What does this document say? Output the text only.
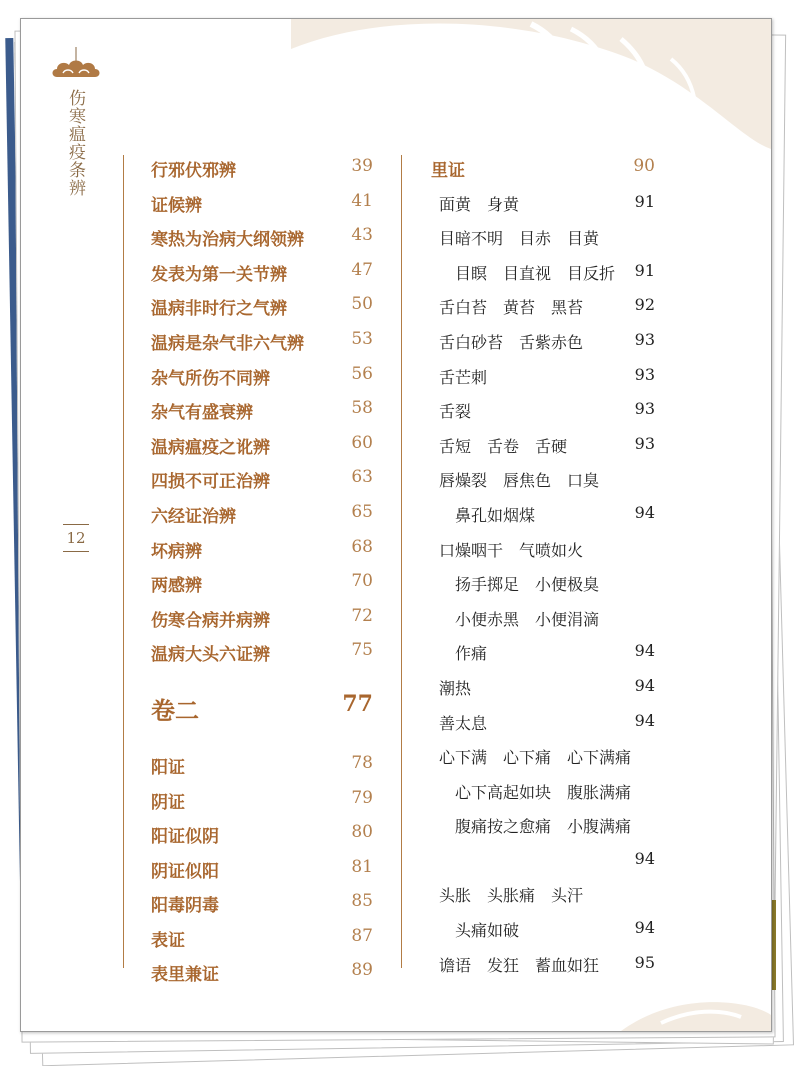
伤寒瘟疫条辨
12
行邪伏邪辨	39
证候辨	41
寒热为治病大纲领辨	43
发表为第一关节辨	47
温病非时行之气辨	50
温病是杂气非六气辨	53
杂气所伤不同辨	56
杂气有盛衰辨	58
温病瘟疫之讹辨	60
四损不可正治辨	63
六经证治辨	65
坏病辨	68
两感辨	70
伤寒合病并病辨	72
温病大头六证辨	75
卷二	77
阳证	78
阴证	79
阳证似阴	80
阴证似阳	81
阳毒阴毒	85
表证	87
表里兼证	89
里证	90
面黄　身黄	91
目暗不明　目赤　目黄
目瞑　目直视　目反折 91
舌白苔　黄苔　黑苔	92
舌白砂苔　舌紫赤色	93
舌芒刺	93
舌裂	93
舌短　舌卷　舌硬	93
唇燥裂　唇焦色　口臭
鼻孔如烟煤	94
口燥咽干　气喷如火
扬手掷足　小便极臭
小便赤黑　小便涓滴
作痛	94
潮热	94
善太息	94
心下满　心下痛　心下满痛
心下高起如块　腹胀满痛
腹痛按之愈痛　小腹满痛
94
头胀　头胀痛　头汗
头痛如破	94
谵语　发狂　蓄血如狂 95
